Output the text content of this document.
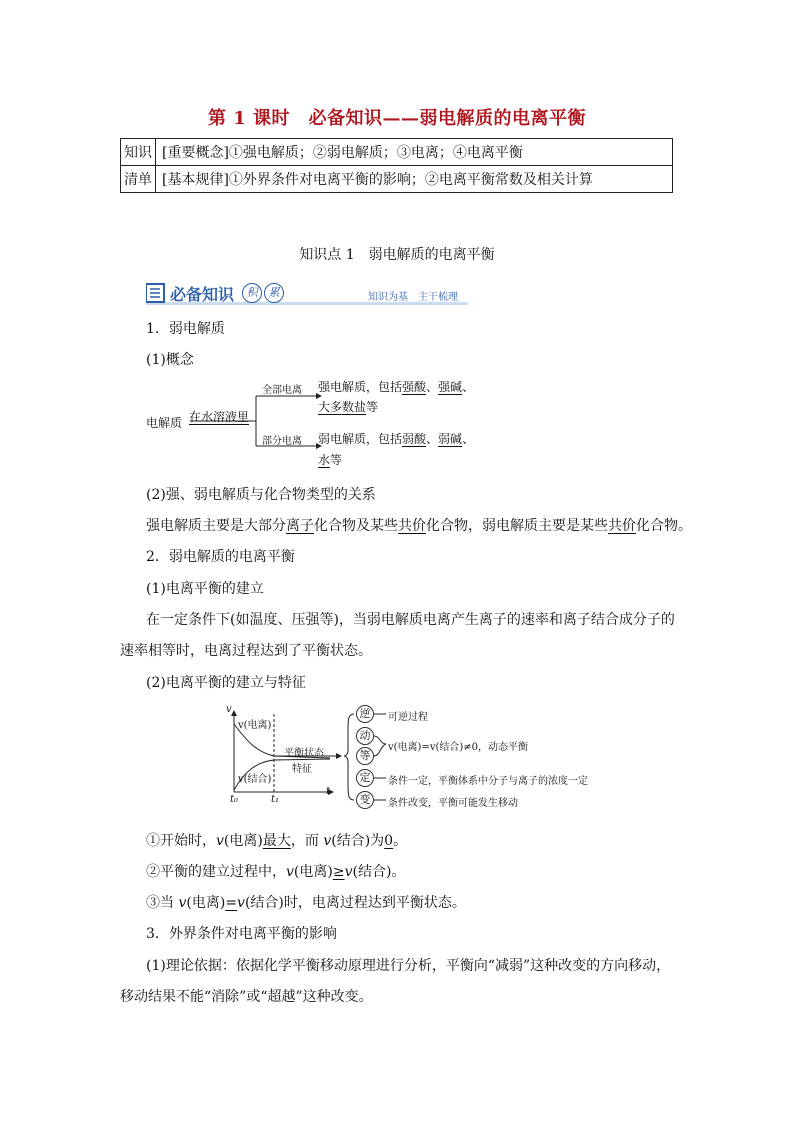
第 1 课时　必备知识——弱电解质的电离平衡
知识	[重要概念]①强电解质；②弱电解质；③电离；④电离平衡
清单	[基本规律]①外界条件对电离平衡的影响；②电离平衡常数及相关计算
知识点 1　弱电解质的电离平衡
必备知识	积	累	知识为基　主干梳理
1．弱电解质
(1)概念
电解质 在水溶液里
全部电离
部分电离
强电解质，包括强酸、强碱、
大多数盐等
弱电解质，包括弱酸、弱碱、
水等
(2)强、弱电解质与化合物类型的关系
强电解质主要是大部分离子化合物及某些共价化合物，弱电解质主要是某些共价化合物。
2．弱电解质的电离平衡
(1)电离平衡的建立
在一定条件下(如温度、压强等)，当弱电解质电离产生离子的速率和离子结合成分子的
速率相等时，电离过程达到了平衡状态。
(2)电离平衡的建立与特征
v
t
v(电离)
v(结合)
t₀	t₁
平衡状态
特征
逆
动
等
定
变
可逆过程
v(电离)=v(结合)≠0，动态平衡
条件一定，平衡体系中分子与离子的浓度一定
条件改变，平衡可能发生移动
①开始时，v(电离)最大，而 v(结合)为0。
②平衡的建立过程中，v(电离)≥v(结合)。
③当 v(电离)=v(结合)时，电离过程达到平衡状态。
3．外界条件对电离平衡的影响
(1)理论依据：依据化学平衡移动原理进行分析，平衡向“减弱”这种改变的方向移动，
移动结果不能“消除”或“超越”这种改变。
